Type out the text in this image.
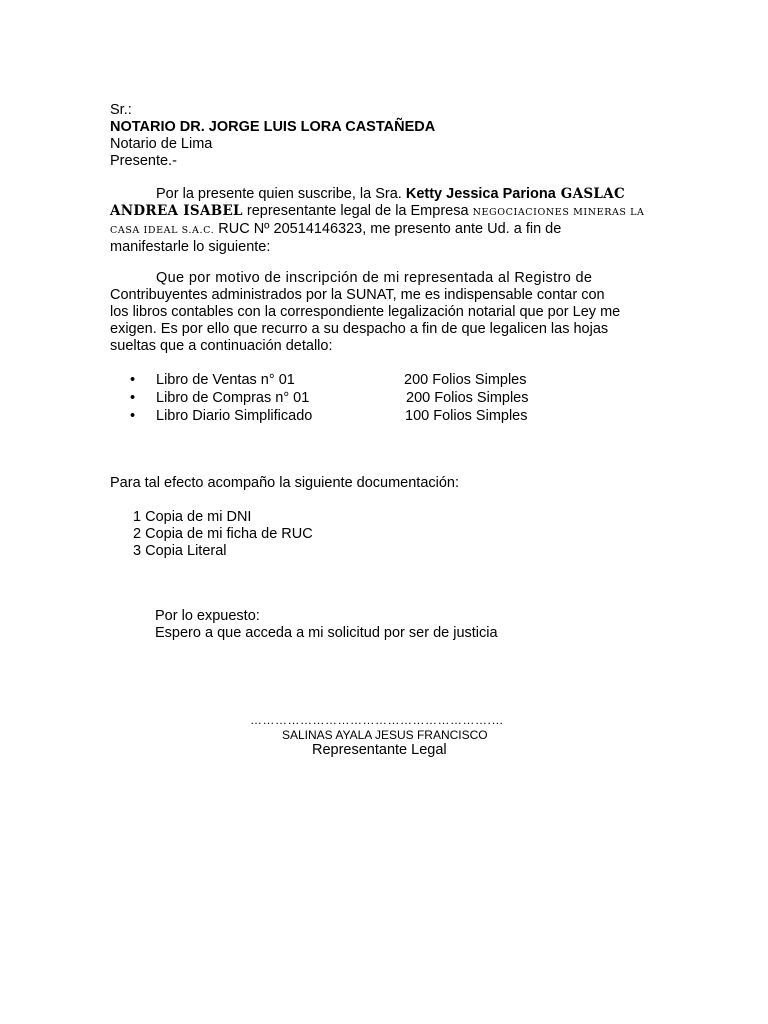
Sr.:
NOTARIO DR. JORGE LUIS LORA CASTAÑEDA
Notario de Lima
Presente.-
Por la presente quien suscribe, la Sra. Ketty Jessica Pariona GASLAC
ANDREA ISABEL representante legal de la Empresa NEGOCIACIONES MINERAS LA
CASA IDEAL S.A.C. RUC Nº 20514146323, me presento ante Ud. a fin de
manifestarle lo siguiente:
Que por motivo de inscripción de mi representada al Registro de
Contribuyentes administrados por la SUNAT, me es indispensable contar con
los libros contables con la correspondiente legalización notarial que por Ley me
exigen. Es por ello que recurro a su despacho a fin de que legalicen las hojas
sueltas que a continuación detallo:
•	Libro de Ventas n° 01	200 Folios Simples
•	Libro de Compras n° 01	200 Folios Simples
•	Libro Diario Simplificado	100 Folios Simples
Para tal efecto acompaño la siguiente documentación:
1 Copia de mi DNI
2 Copia de mi ficha de RUC
3 Copia Literal
Por lo expuesto:
Espero a que acceda a mi solicitud por ser de justicia
………………………………………………….…
SALINAS AYALA JESUS FRANCISCO
Representante Legal
